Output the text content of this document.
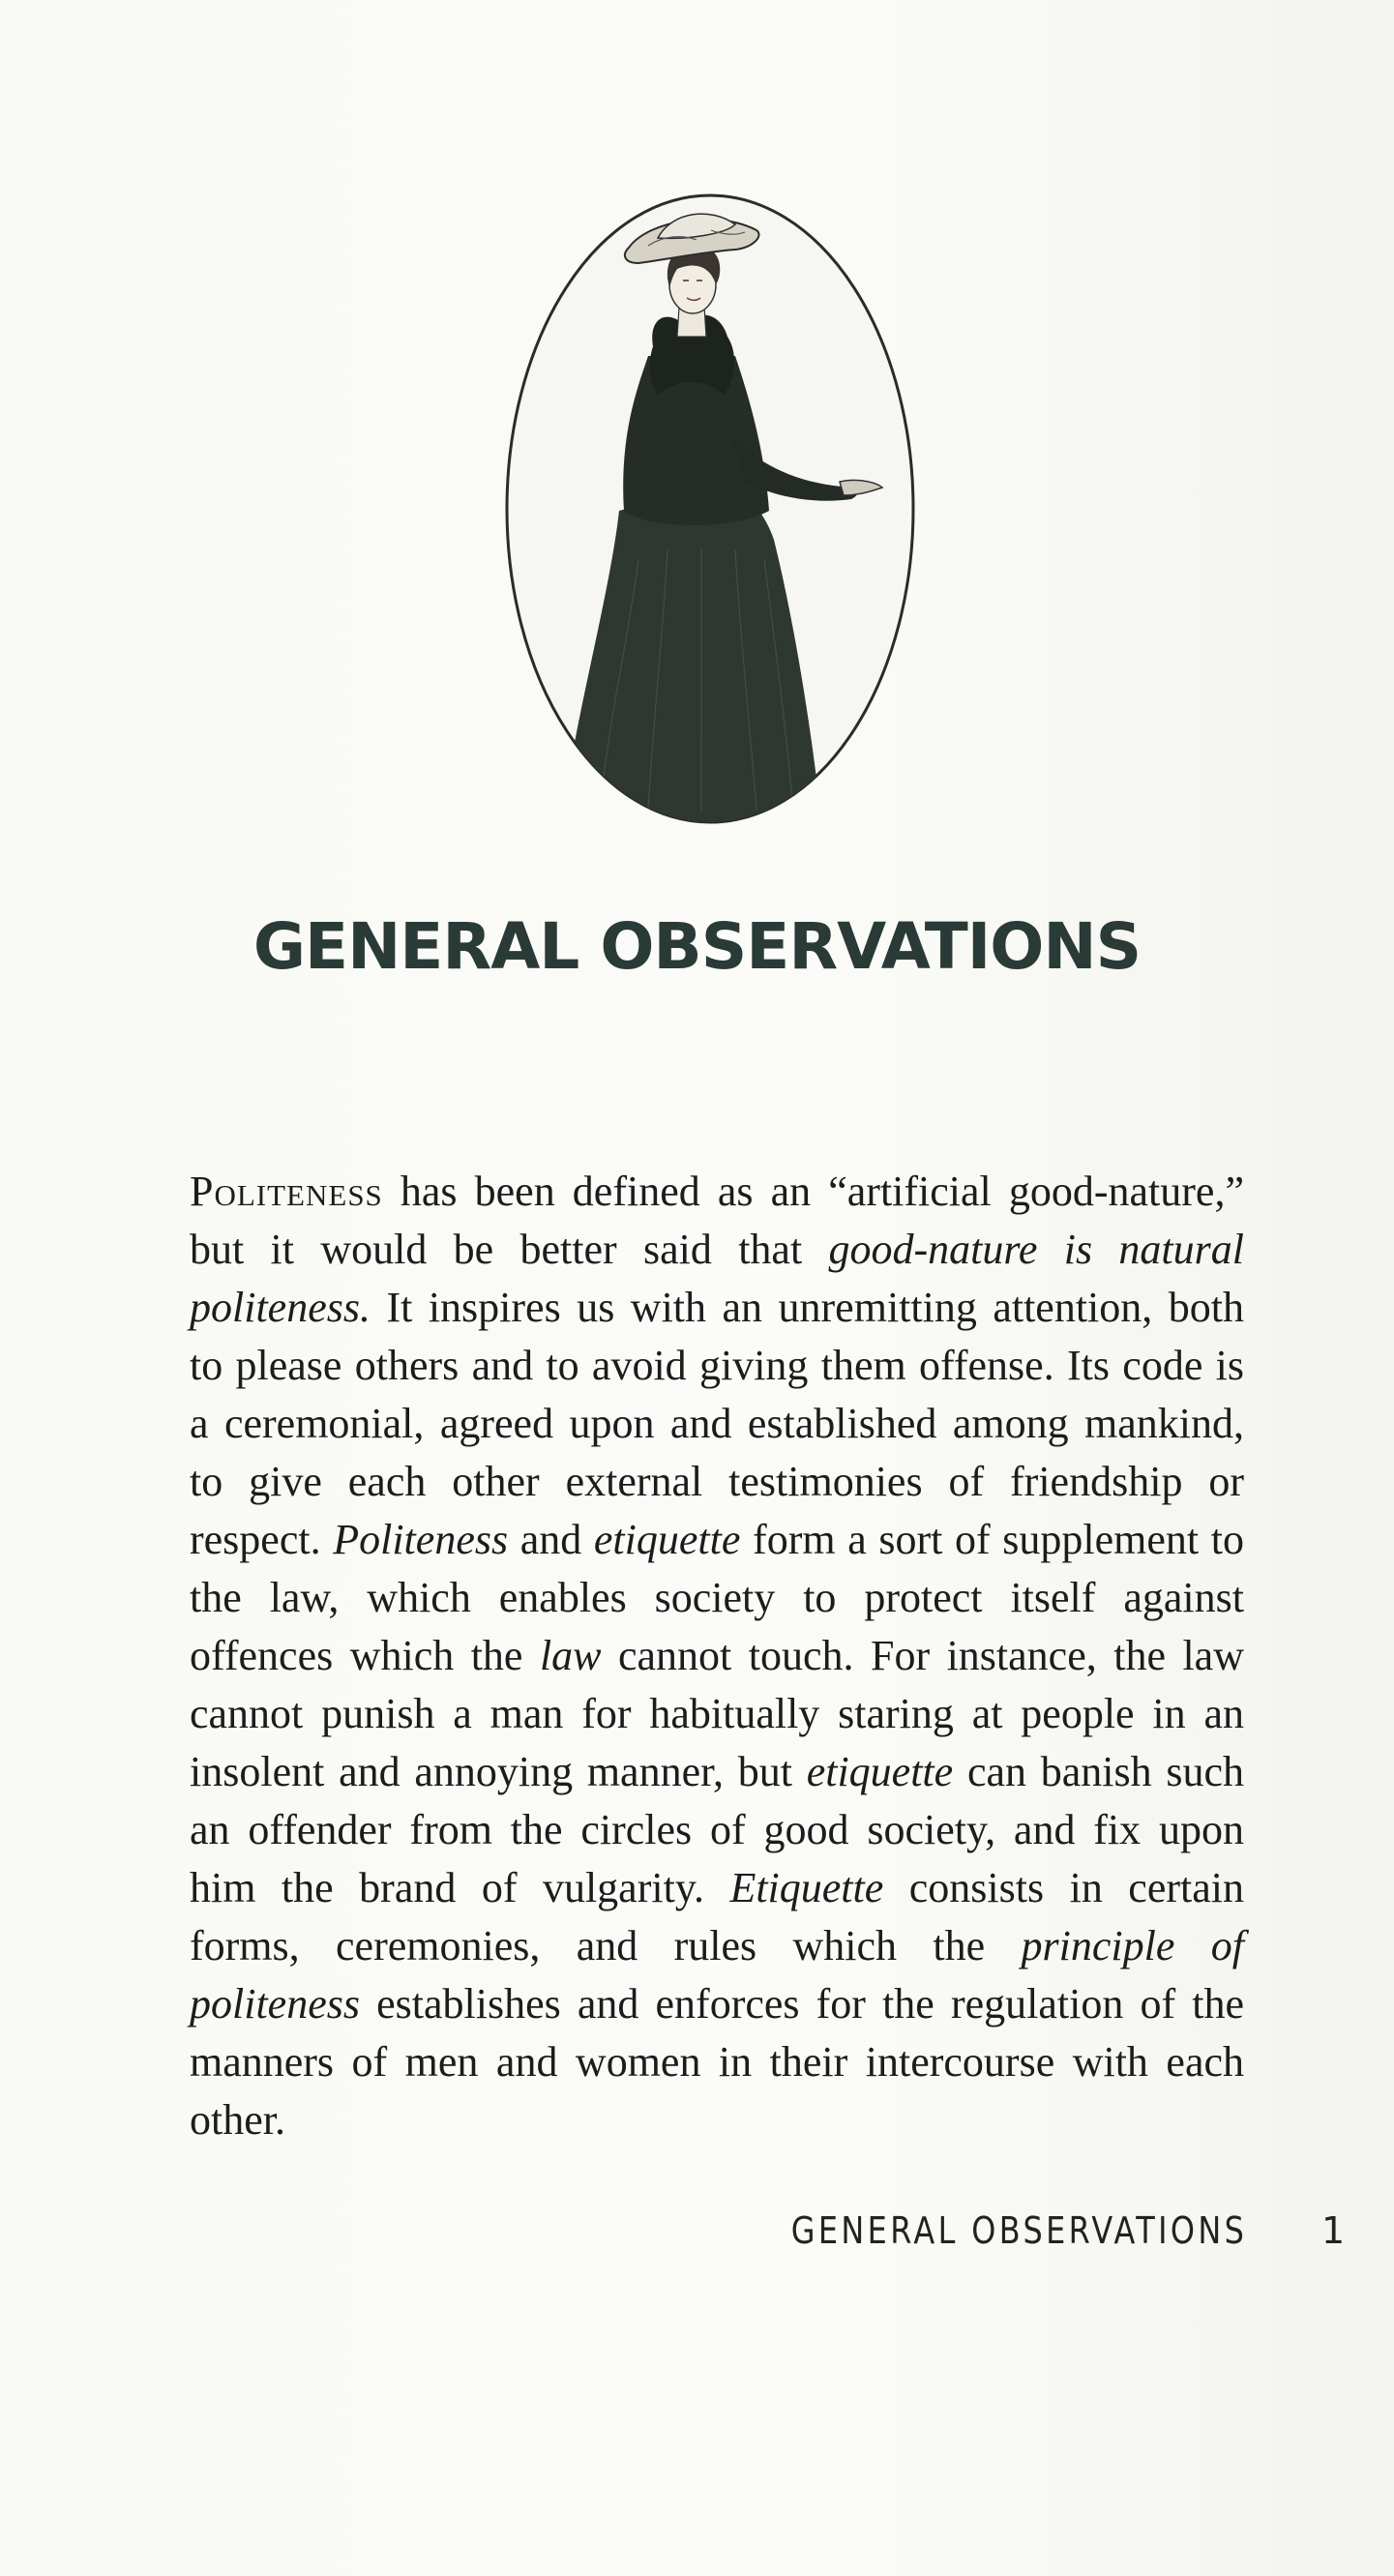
GENERAL OBSERVATIONS
Politeness has been defined as an “artificial good-nature,” but it would be better said that good-nature is natural politeness. It inspires us with an unremitting attention, both to please others and to avoid giving them offense. Its code is a ceremonial, agreed upon and established among mankind, to give each other external testimonies of friendship or respect. Politeness and etiquette form a sort of supplement to the law, which enables society to protect itself against offences which the law cannot touch. For instance, the law cannot punish a man for habitually staring at people in an insolent and annoying manner, but etiquette can banish such an offender from the circles of good society, and fix upon him the brand of vulgarity. Etiquette consists in certain forms, ceremonies, and rules which the principle of politeness establishes and enforces for the regulation of the manners of men and women in their intercourse with each other.
GENERAL OBSERVATIONS 1
